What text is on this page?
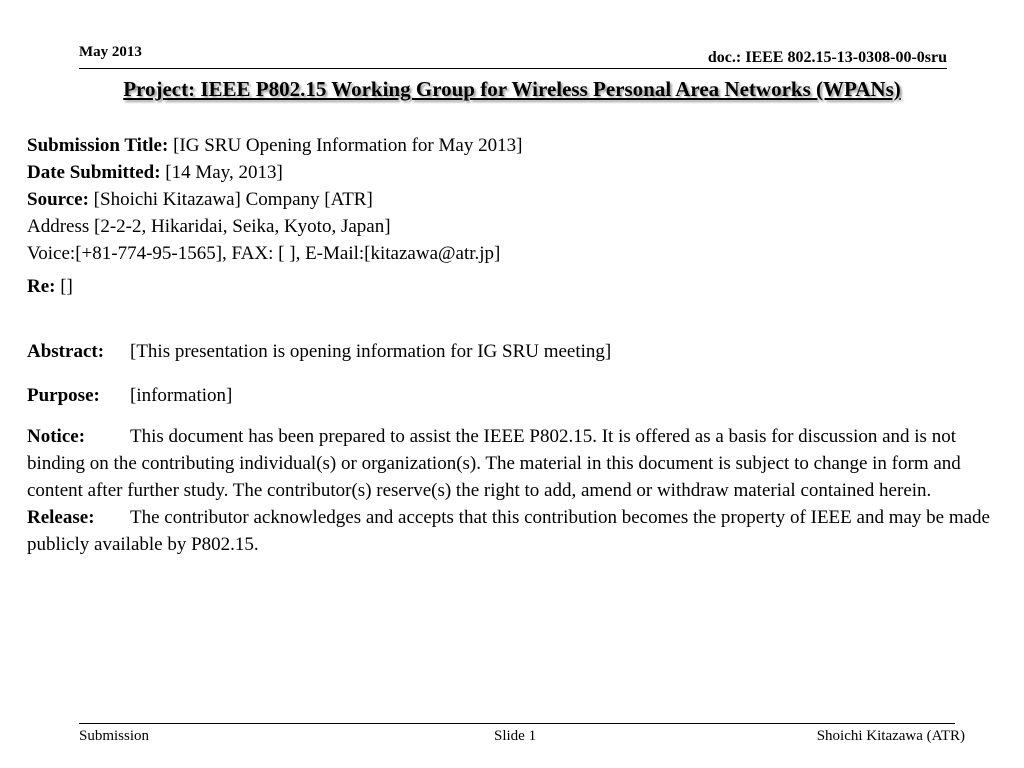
May 2013	doc.: IEEE 802.15-13-0308-00-0sru
Project: IEEE P802.15 Working Group for Wireless Personal Area Networks (WPANs)
Submission Title: [IG SRU Opening Information for May 2013]
Date Submitted: [14 May, 2013]
Source: [Shoichi Kitazawa] Company [ATR]
Address [2-2-2, Hikaridai, Seika, Kyoto, Japan]
Voice:[+81-774-95-1565], FAX: [ ], E-Mail:[kitazawa@atr.jp]
Re: []
Abstract: [This presentation is opening information for IG SRU meeting]
Purpose: [information]
Notice: This document has been prepared to assist the IEEE P802.15. It is offered as a basis for discussion and is not binding on the contributing individual(s) or organization(s). The material in this document is subject to change in form and content after further study. The contributor(s) reserve(s) the right to add, amend or withdraw material contained herein.
Release: The contributor acknowledges and accepts that this contribution becomes the property of IEEE and may be made publicly available by P802.15.
Submission	Slide 1	Shoichi Kitazawa (ATR)
